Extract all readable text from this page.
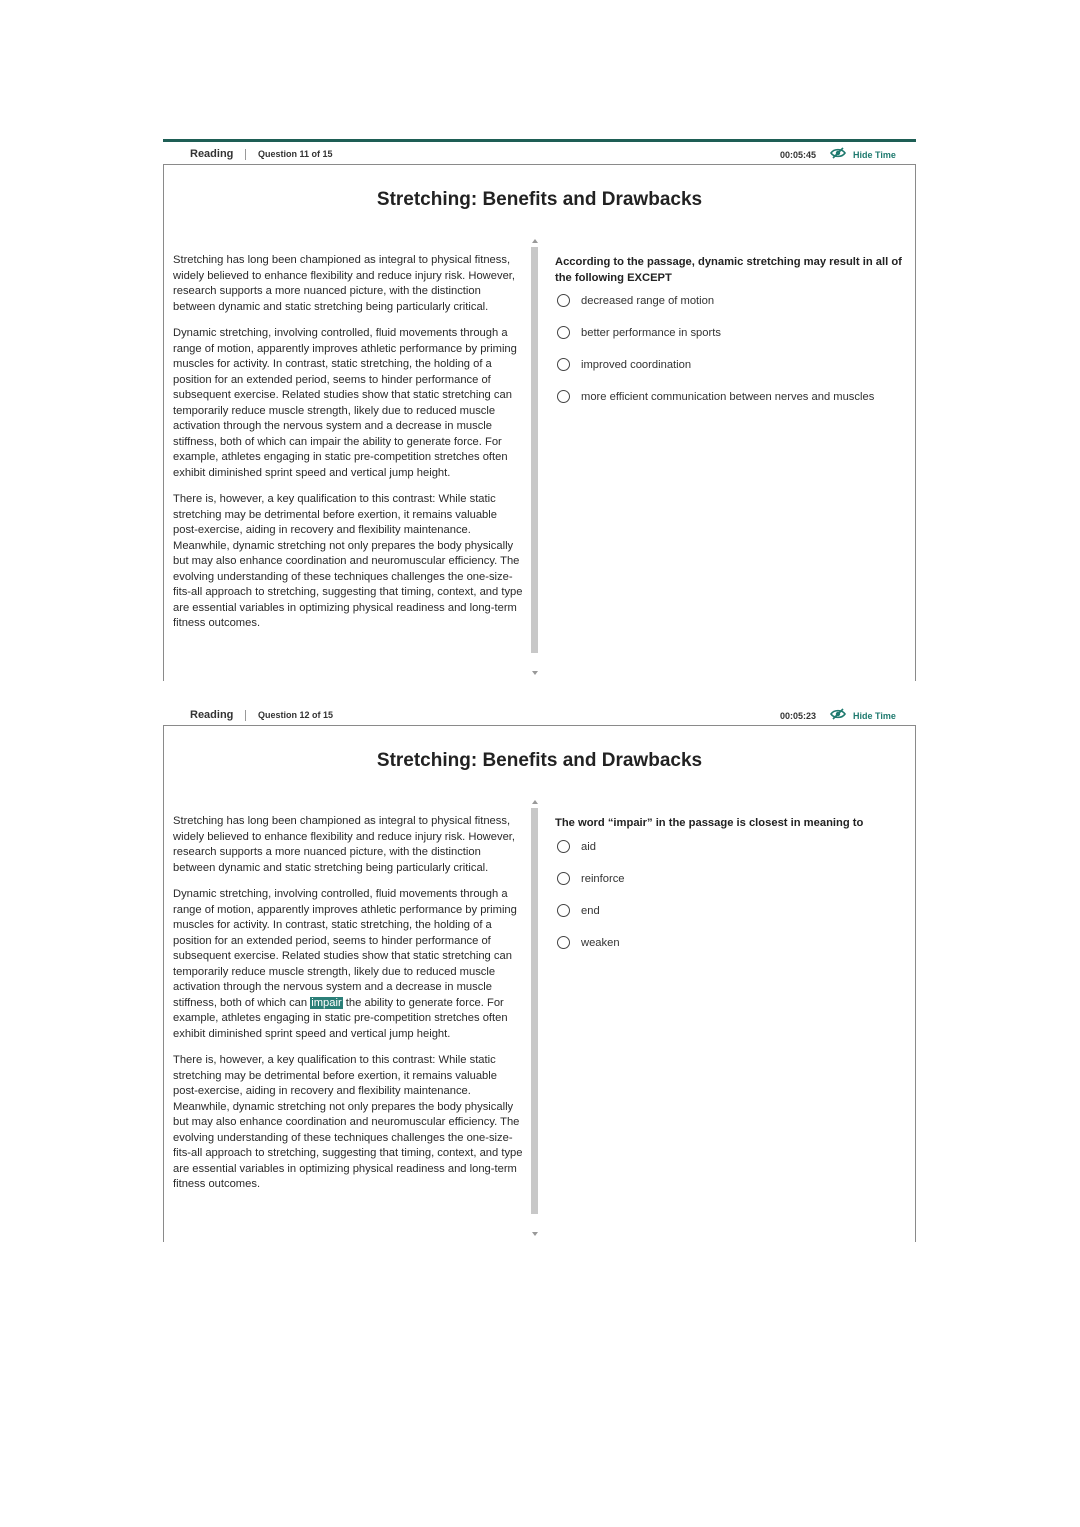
Reading	Question 11 of 15	00:05:45	Hide Time
Stretching: Benefits and Drawbacks

Stretching has long been championed as integral to physical fitness, widely believed to enhance flexibility and reduce injury risk. However, research supports a more nuanced picture, with the distinction between dynamic and static stretching being particularly critical.

Dynamic stretching, involving controlled, fluid movements through a range of motion, apparently improves athletic performance by priming muscles for activity. In contrast, static stretching, the holding of a position for an extended period, seems to hinder performance of subsequent exercise. Related studies show that static stretching can temporarily reduce muscle strength, likely due to reduced muscle activation through the nervous system and a decrease in muscle stiffness, both of which can impair the ability to generate force. For example, athletes engaging in static pre-competition stretches often exhibit diminished sprint speed and vertical jump height.

There is, however, a key qualification to this contrast: While static stretching may be detrimental before exertion, it remains valuable post-exercise, aiding in recovery and flexibility maintenance. Meanwhile, dynamic stretching not only prepares the body physically but may also enhance coordination and neuromuscular efficiency. The evolving understanding of these techniques challenges the one-size-fits-all approach to stretching, suggesting that timing, context, and type are essential variables in optimizing physical readiness and long-term fitness outcomes.

According to the passage, dynamic stretching may result in all of the following EXCEPT
decreased range of motion
better performance in sports
improved coordination
more efficient communication between nerves and muscles
Reading	Question 12 of 15	00:05:23	Hide Time
Stretching: Benefits and Drawbacks

Stretching has long been championed as integral to physical fitness, widely believed to enhance flexibility and reduce injury risk. However, research supports a more nuanced picture, with the distinction between dynamic and static stretching being particularly critical.

Dynamic stretching, involving controlled, fluid movements through a range of motion, apparently improves athletic performance by priming muscles for activity. In contrast, static stretching, the holding of a position for an extended period, seems to hinder performance of subsequent exercise. Related studies show that static stretching can temporarily reduce muscle strength, likely due to reduced muscle activation through the nervous system and a decrease in muscle stiffness, both of which can impair the ability to generate force. For example, athletes engaging in static pre-competition stretches often exhibit diminished sprint speed and vertical jump height.

There is, however, a key qualification to this contrast: While static stretching may be detrimental before exertion, it remains valuable post-exercise, aiding in recovery and flexibility maintenance. Meanwhile, dynamic stretching not only prepares the body physically but may also enhance coordination and neuromuscular efficiency. The evolving understanding of these techniques challenges the one-size-fits-all approach to stretching, suggesting that timing, context, and type are essential variables in optimizing physical readiness and long-term fitness outcomes.

The word “impair” in the passage is closest in meaning to
aid
reinforce
end
weaken
